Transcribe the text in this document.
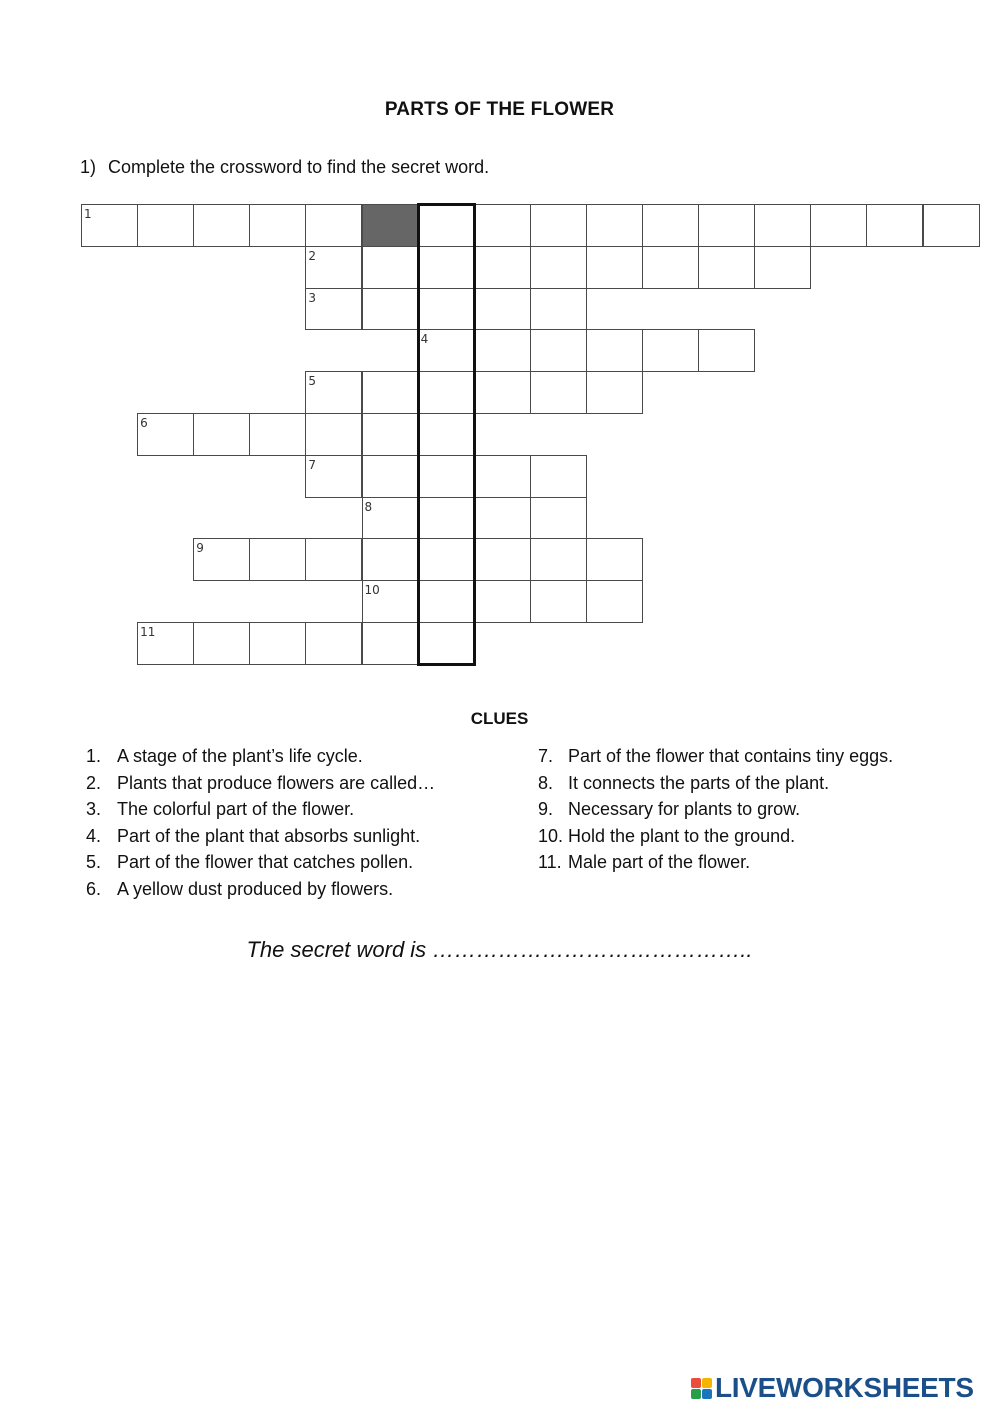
PARTS OF THE FLOWER
1) Complete the crossword to find the secret word.
1
2
3
4
5
6
7
8
9
10
11
CLUES
1. A stage of the plant’s life cycle.
2. Plants that produce flowers are called…
3. The colorful part of the flower.
4. Part of the plant that absorbs sunlight.
5. Part of the flower that catches pollen.
6. A yellow dust produced by flowers.
7. Part of the flower that contains tiny eggs.
8. It connects the parts of the plant.
9. Necessary for plants to grow.
10. Hold the plant to the ground.
11. Male part of the flower.
The secret word is ……………………………………..
LIVEWORKSHEETS
